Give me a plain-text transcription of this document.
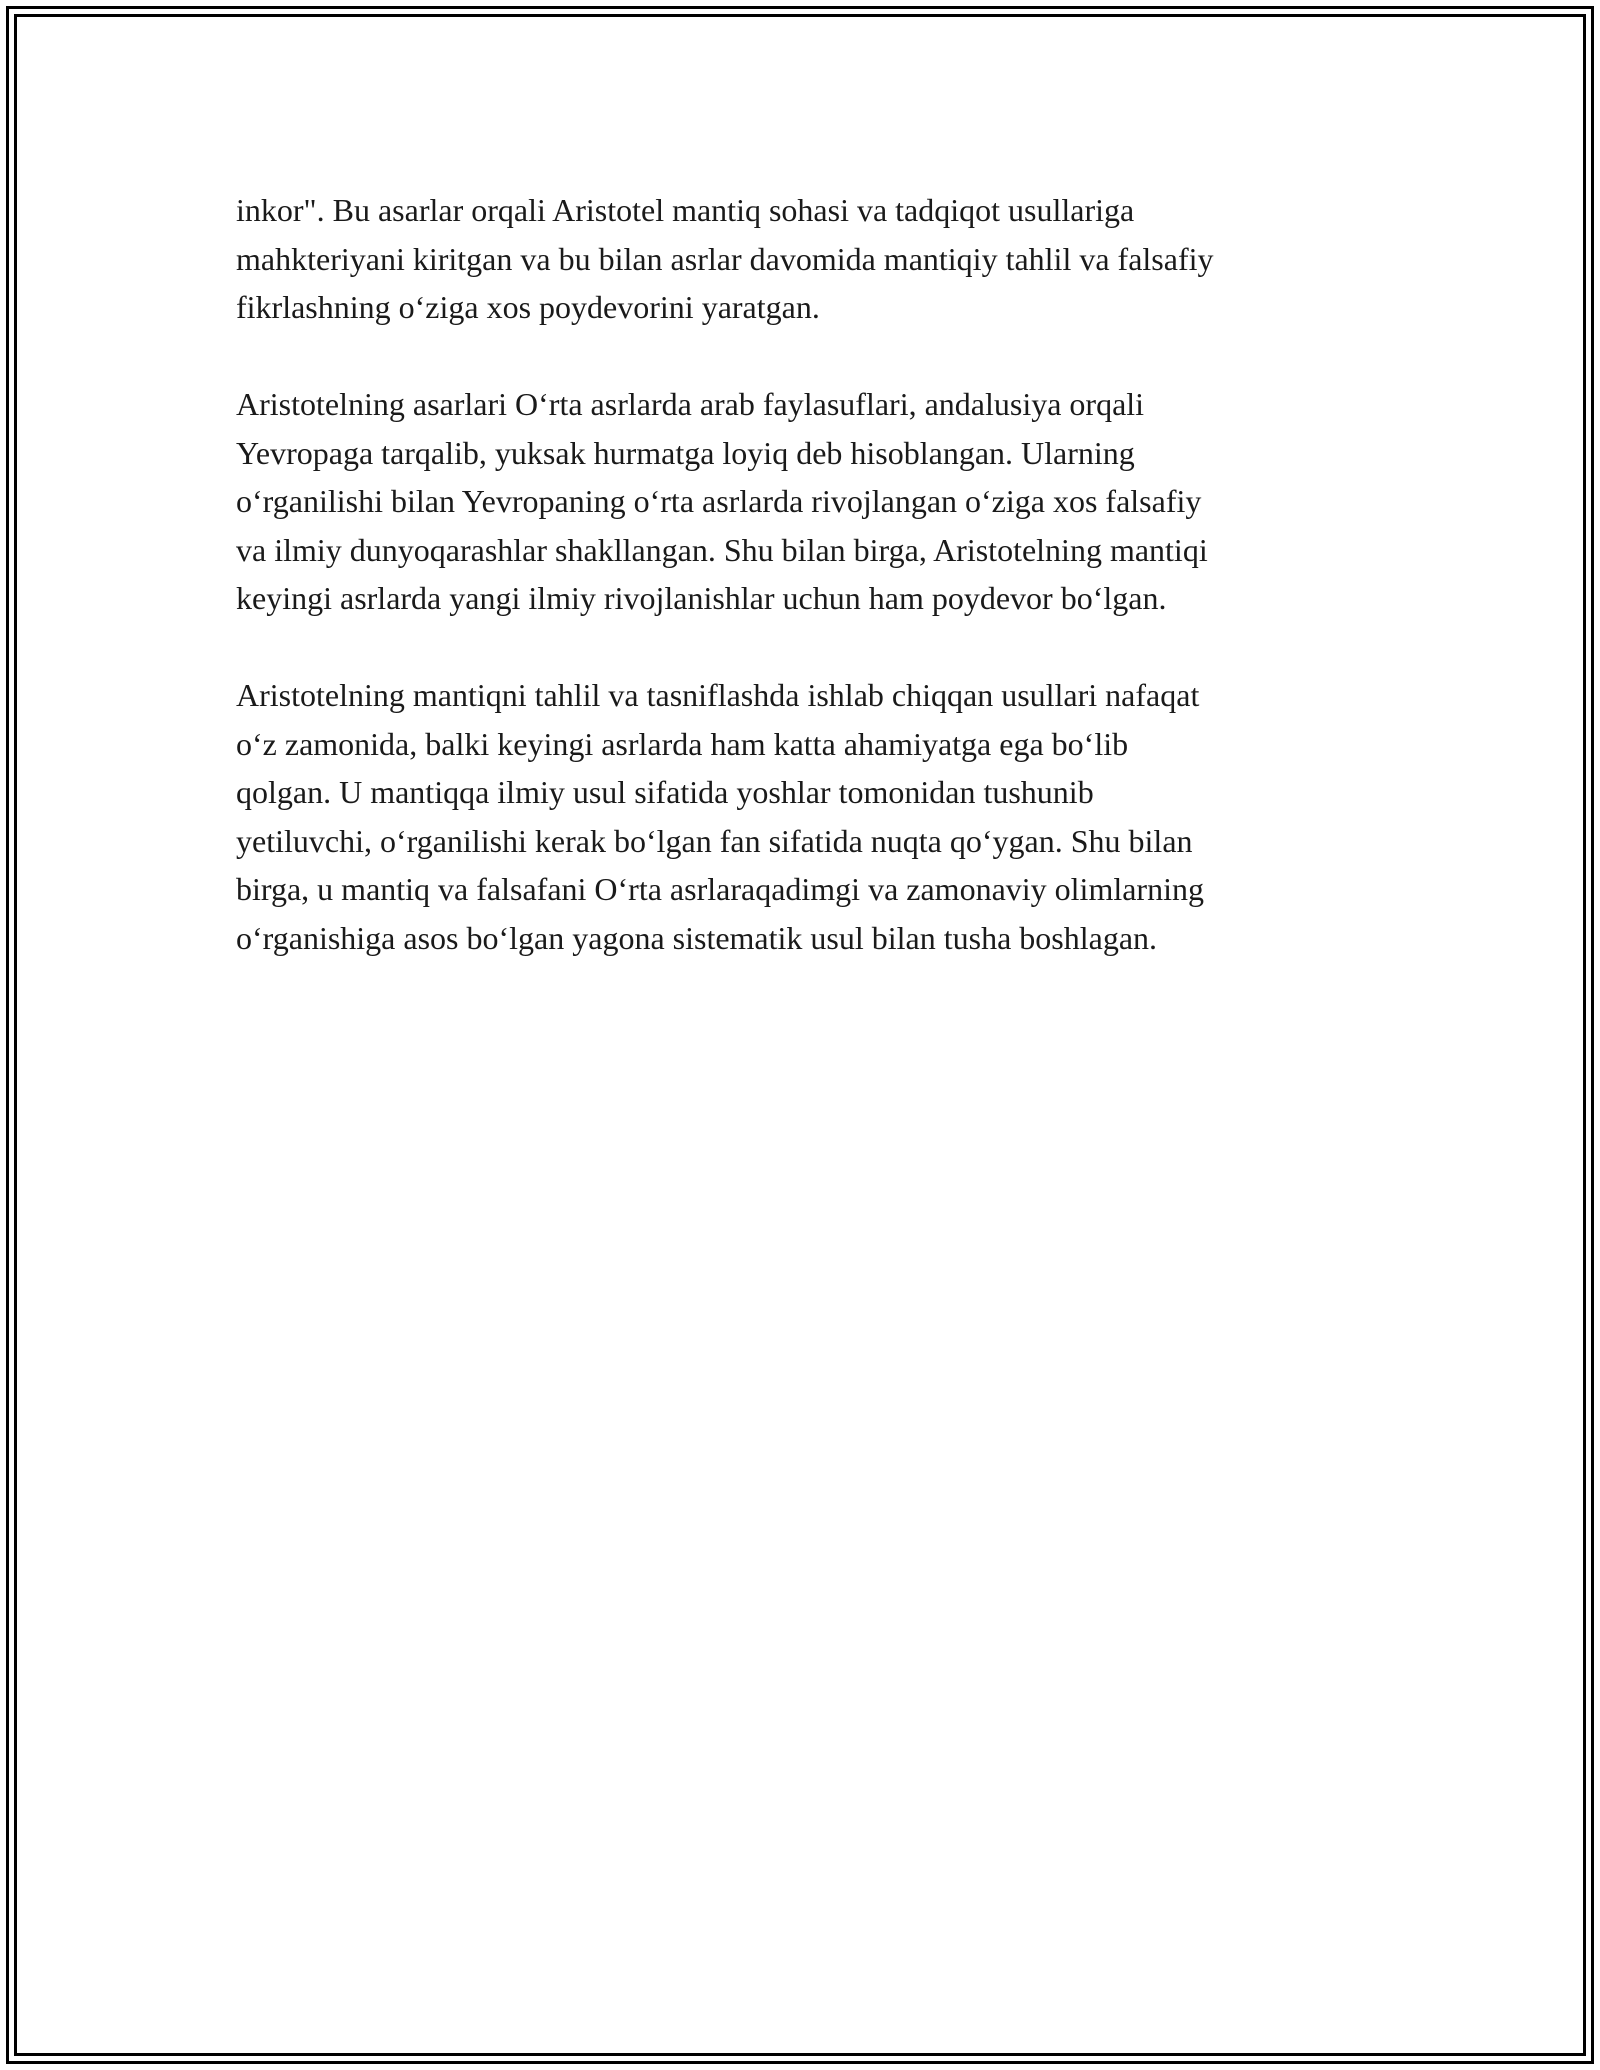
inkor". Bu asarlar orqali Aristotel mantiq sohasi va tadqiqot usullariga
mahkteriyani kiritgan va bu bilan asrlar davomida mantiqiy tahlil va falsafiy
fikrlashning o‘ziga xos poydevorini yaratgan.

Aristotelning asarlari O‘rta asrlarda arab faylasuflari, andalusiya orqali
Yevropaga tarqalib, yuksak hurmatga loyiq deb hisoblangan. Ularning
o‘rganilishi bilan Yevropaning o‘rta asrlarda rivojlangan o‘ziga xos falsafiy
va ilmiy dunyoqarashlar shakllangan. Shu bilan birga, Aristotelning mantiqi
keyingi asrlarda yangi ilmiy rivojlanishlar uchun ham poydevor bo‘lgan.

Aristotelning mantiqni tahlil va tasniflashda ishlab chiqqan usullari nafaqat
o‘z zamonida, balki keyingi asrlarda ham katta ahamiyatga ega bo‘lib
qolgan. U mantiqqa ilmiy usul sifatida yoshlar tomonidan tushunib
yetiluvchi, o‘rganilishi kerak bo‘lgan fan sifatida nuqta qo‘ygan. Shu bilan
birga, u mantiq va falsafani O‘rta asrlaraqadimgi va zamonaviy olimlarning
o‘rganishiga asos bo‘lgan yagona sistematik usul bilan tusha boshlagan.
